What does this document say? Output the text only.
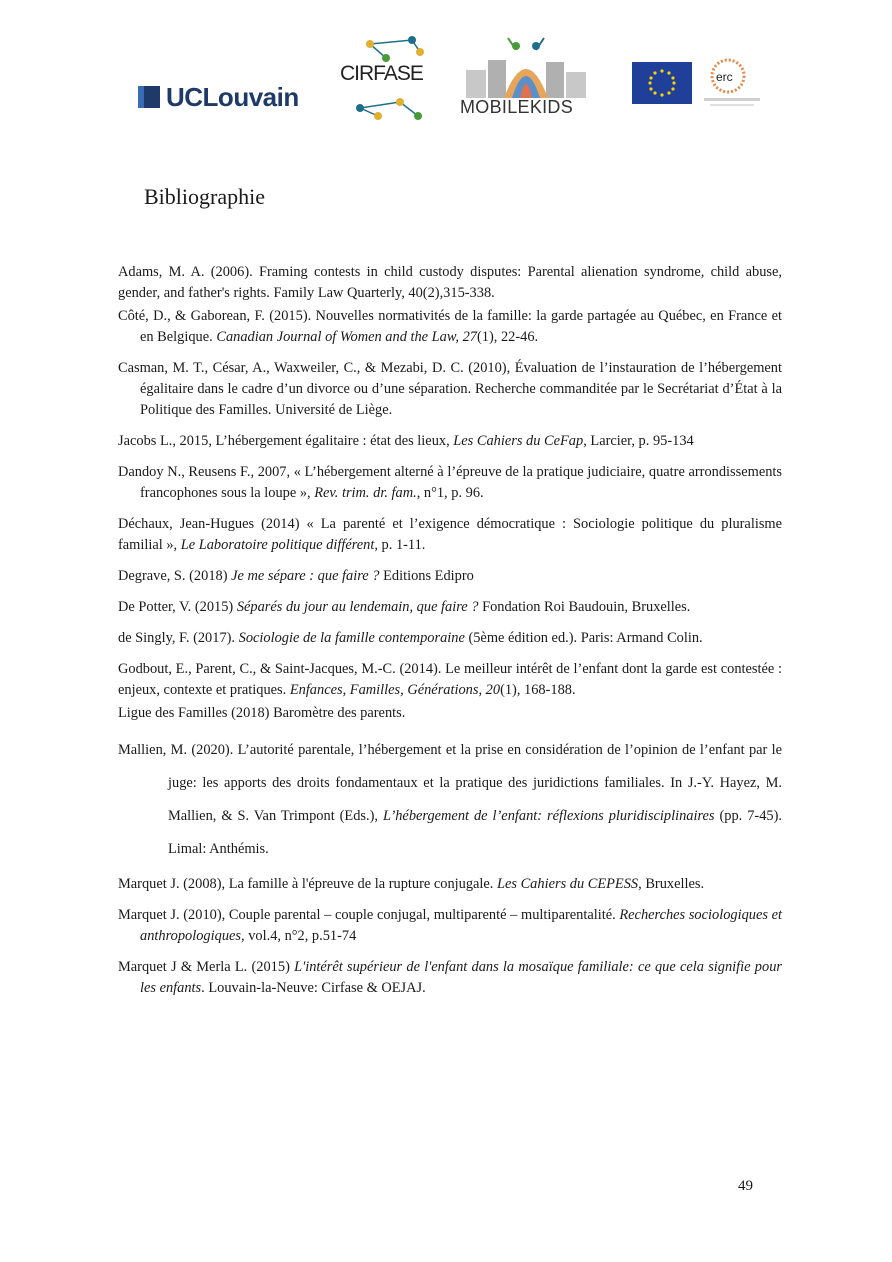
UCLouvain
CIRFASE
MOBILEKIDS
erc
Bibliographie

Adams, M. A. (2006). Framing contests in child custody disputes: Parental alienation syndrome, child abuse, gender, and father's rights. Family Law Quarterly, 40(2),315-338.

Côté, D., & Gaborean, F. (2015). Nouvelles normativités de la famille: la garde partagée au Québec, en France et en Belgique. Canadian Journal of Women and the Law, 27(1), 22-46.

Casman, M. T., César, A., Waxweiler, C., & Mezabi, D. C. (2010), Évaluation de l’instauration de l’hébergement égalitaire dans le cadre d’un divorce ou d’une séparation. Recherche commanditée par le Secrétariat d’État à la Politique des Familles. Université de Liège.

Jacobs L., 2015, L’hébergement égalitaire : état des lieux, Les Cahiers du CeFap, Larcier, p. 95-134

Dandoy N., Reusens F., 2007, « L’hébergement alterné à l’épreuve de la pratique judiciaire, quatre arrondissements francophones sous la loupe », Rev. trim. dr. fam., n°1, p. 96.

Déchaux, Jean-Hugues (2014) « La parenté et l’exigence démocratique : Sociologie politique du pluralisme familial », Le Laboratoire politique différent, p. 1-11.

Degrave, S. (2018) Je me sépare : que faire ? Editions Edipro

De Potter, V. (2015) Séparés du jour au lendemain, que faire ? Fondation Roi Baudouin, Bruxelles.

de Singly, F. (2017). Sociologie de la famille contemporaine (5ème édition ed.). Paris: Armand Colin.

Godbout, E., Parent, C., & Saint-Jacques, M.-C. (2014). Le meilleur intérêt de l’enfant dont la garde est contestée : enjeux, contexte et pratiques. Enfances, Familles, Générations, 20(1), 168-188.

Ligue des Familles (2018) Baromètre des parents.

Mallien, M. (2020). L’autorité parentale, l’hébergement et la prise en considération de l’opinion de l’enfant par le juge: les apports des droits fondamentaux et la pratique des juridictions familiales. In J.-Y. Hayez, M. Mallien, & S. Van Trimpont (Eds.), L’hébergement de l’enfant: réflexions pluridisciplinaires (pp. 7-45). Limal: Anthémis.

Marquet J. (2008), La famille à l'épreuve de la rupture conjugale. Les Cahiers du CEPESS, Bruxelles.

Marquet J. (2010), Couple parental – couple conjugal, multiparenté – multiparentalité. Recherches sociologiques et anthropologiques, vol.4, n°2, p.51-74

Marquet J & Merla L. (2015) L'intérêt supérieur de l'enfant dans la mosaïque familiale: ce que cela signifie pour les enfants. Louvain-la-Neuve: Cirfase & OEJAJ.

49
